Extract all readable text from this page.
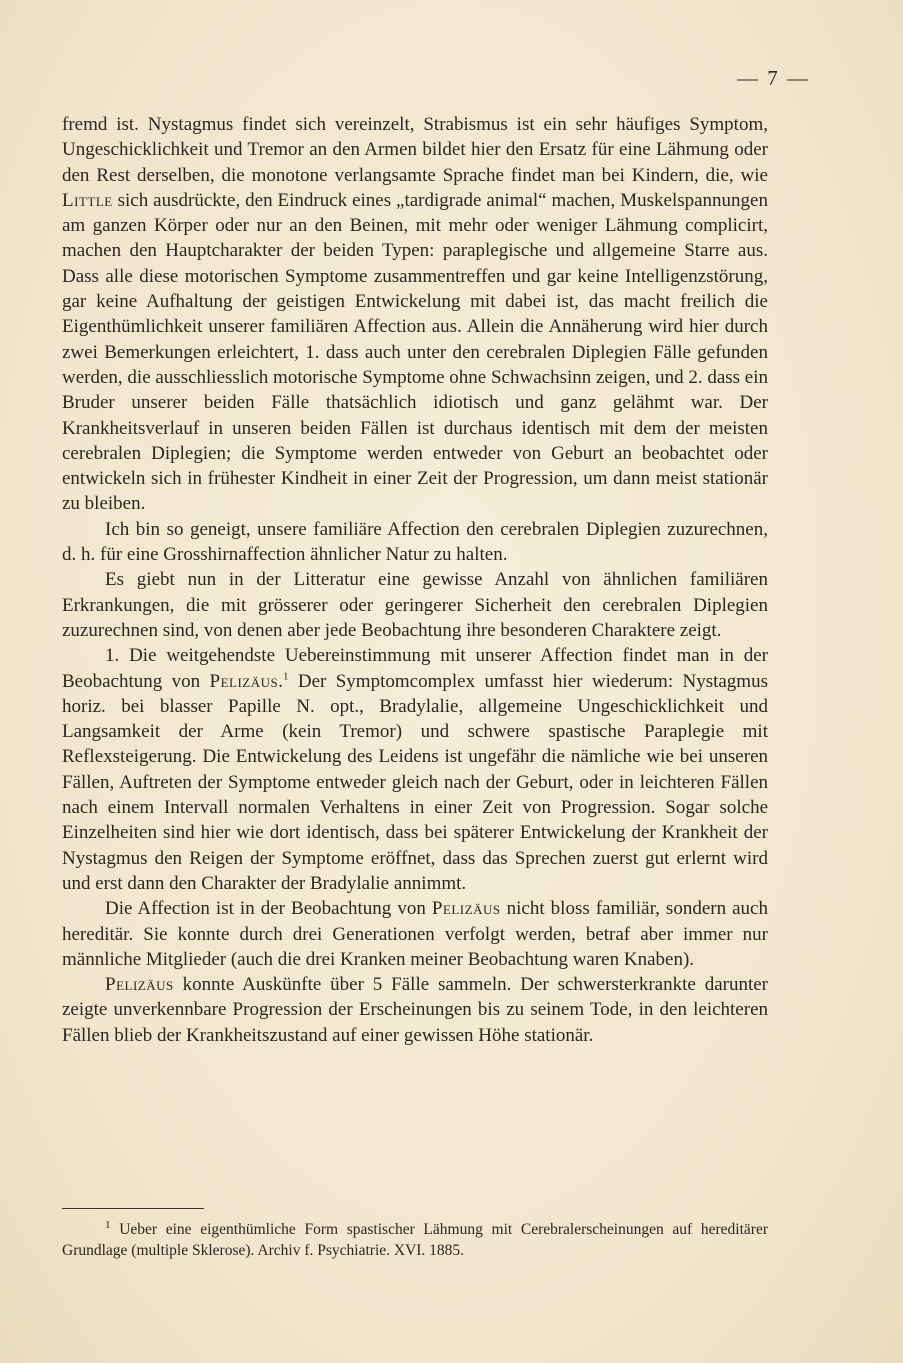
— 7 —

fremd ist. Nystagmus findet sich vereinzelt, Strabismus ist ein sehr häufiges Symptom, Ungeschicklichkeit und Tremor an den Armen bildet hier den Ersatz für eine Lähmung oder den Rest derselben, die monotone verlangsamte Sprache findet man bei Kindern, die, wie Little sich ausdrückte, den Eindruck eines „tardigrade animal“ machen, Muskelspannungen am ganzen Körper oder nur an den Beinen, mit mehr oder weniger Lähmung complicirt, machen den Hauptcharakter der beiden Typen: paraplegische und allgemeine Starre aus. Dass alle diese motorischen Symptome zusammentreffen und gar keine Intelligenzstörung, gar keine Aufhaltung der geistigen Entwickelung mit dabei ist, das macht freilich die Eigenthümlichkeit unserer familiären Affection aus. Allein die Annäherung wird hier durch zwei Bemerkungen erleichtert, 1. dass auch unter den cerebralen Diplegien Fälle gefunden werden, die ausschliesslich motorische Symptome ohne Schwachsinn zeigen, und 2. dass ein Bruder unserer beiden Fälle thatsächlich idiotisch und ganz gelähmt war. Der Krankheitsverlauf in unseren beiden Fällen ist durchaus identisch mit dem der meisten cerebralen Diplegien; die Symptome werden entweder von Geburt an beobachtet oder entwickeln sich in frühester Kindheit in einer Zeit der Progression, um dann meist stationär zu bleiben.

Ich bin so geneigt, unsere familiäre Affection den cerebralen Diplegien zuzurechnen, d. h. für eine Grosshirnaffection ähnlicher Natur zu halten.

Es giebt nun in der Litteratur eine gewisse Anzahl von ähnlichen familiären Erkrankungen, die mit grösserer oder geringerer Sicherheit den cerebralen Diplegien zuzurechnen sind, von denen aber jede Beobachtung ihre besonderen Charaktere zeigt.

1. Die weitgehendste Uebereinstimmung mit unserer Affection findet man in der Beobachtung von Pelizäus.$^1$ Der Symptomcomplex umfasst hier wiederum: Nystagmus horiz. bei blasser Papille N. opt., Bradylalie, allgemeine Ungeschicklichkeit und Langsamkeit der Arme (kein Tremor) und schwere spastische Paraplegie mit Reflexsteigerung. Die Entwickelung des Leidens ist ungefähr die nämliche wie bei unseren Fällen, Auftreten der Symptome entweder gleich nach der Geburt, oder in leichteren Fällen nach einem Intervall normalen Verhaltens in einer Zeit von Progression. Sogar solche Einzelheiten sind hier wie dort identisch, dass bei späterer Entwickelung der Krankheit der Nystagmus den Reigen der Symptome eröffnet, dass das Sprechen zuerst gut erlernt wird und erst dann den Charakter der Bradylalie annimmt.

Die Affection ist in der Beobachtung von Pelizäus nicht bloss familiär, sondern auch hereditär. Sie konnte durch drei Generationen verfolgt werden, betraf aber immer nur männliche Mitglieder (auch die drei Kranken meiner Beobachtung waren Knaben).

Pelizäus konnte Auskünfte über 5 Fälle sammeln. Der schwersterkrankte darunter zeigte unverkennbare Progression der Erscheinungen bis zu seinem Tode, in den leichteren Fällen blieb der Krankheitszustand auf einer gewissen Höhe stationär.

$^1$ Ueber eine eigenthümliche Form spastischer Lähmung mit Cerebralerscheinungen auf hereditärer Grundlage (multiple Sklerose). Archiv f. Psychiatrie. XVI. 1885.
